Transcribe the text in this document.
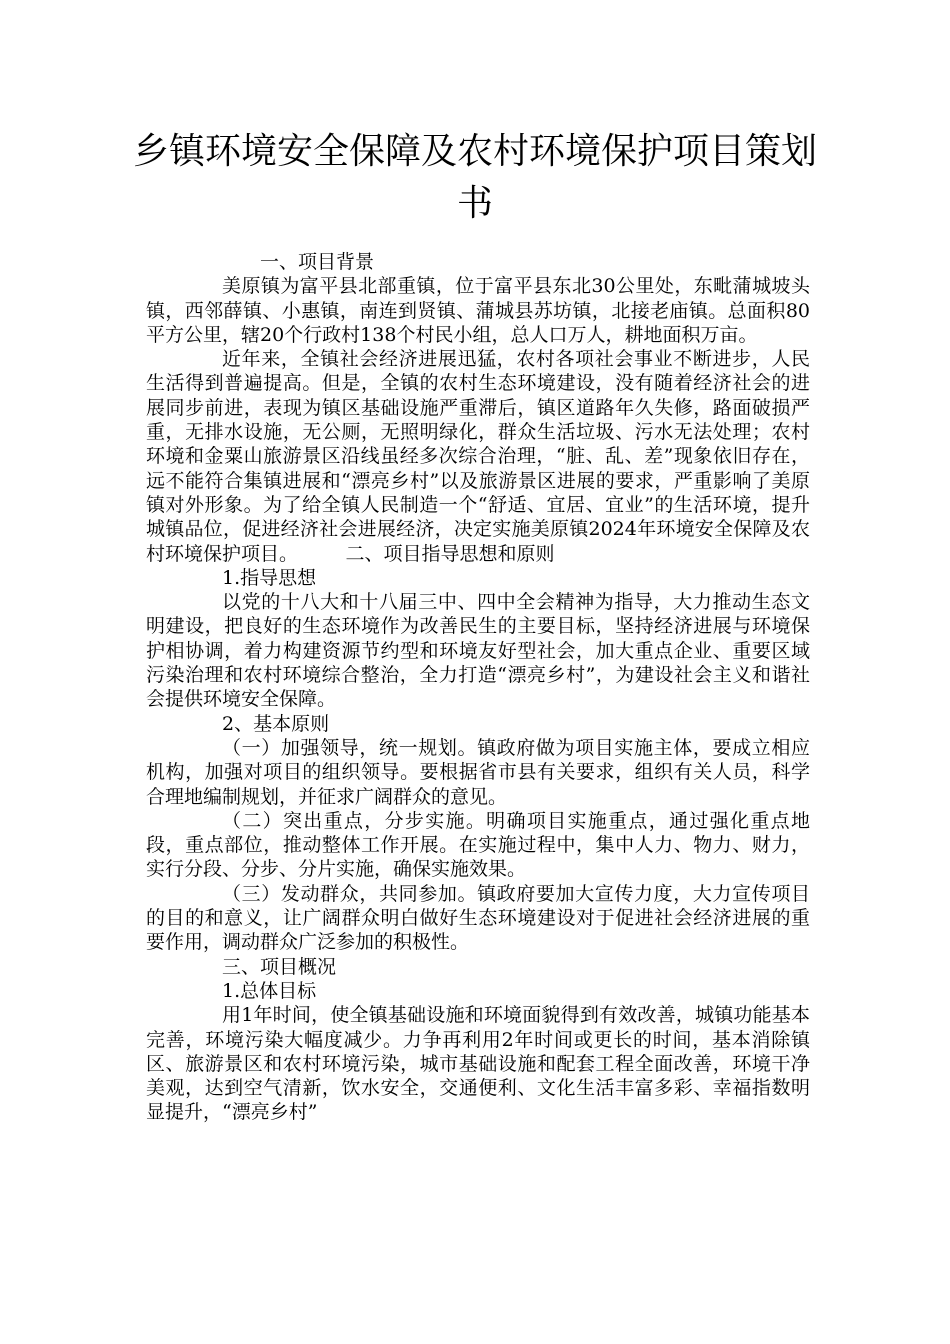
乡镇环境安全保障及农村环境保护项目策划书

一、项目背景

美原镇为富平县北部重镇，位于富平县东北30公里处，东毗蒲城坡头镇，西邻薛镇、小惠镇，南连到贤镇、蒲城县苏坊镇，北接老庙镇。总面积80平方公里，辖20个行政村138个村民小组，总人口万人，耕地面积万亩。

近年来，全镇社会经济进展迅猛，农村各项社会事业不断进步，人民生活得到普遍提高。但是，全镇的农村生态环境建设，没有随着经济社会的进展同步前进，表现为镇区基础设施严重滞后，镇区道路年久失修，路面破损严重，无排水设施，无公厕，无照明绿化，群众生活垃圾、污水无法处理；农村环境和金粟山旅游景区沿线虽经多次综合治理，“脏、乱、差”现象依旧存在，远不能符合集镇进展和“漂亮乡村”以及旅游景区进展的要求，严重影响了美原镇对外形象。为了给全镇人民制造一个“舒适、宜居、宜业”的生活环境，提升城镇品位，促进经济社会进展经济，决定实施美原镇2024年环境安全保障及农村环境保护项目。　　　二、项目指导思想和原则

1.指导思想

以党的十八大和十八届三中、四中全会精神为指导，大力推动生态文明建设，把良好的生态环境作为改善民生的主要目标，坚持经济进展与环境保护相协调，着力构建资源节约型和环境友好型社会，加大重点企业、重要区域污染治理和农村环境综合整治，全力打造“漂亮乡村”，为建设社会主义和谐社会提供环境安全保障。

2、基本原则

（一）加强领导，统一规划。镇政府做为项目实施主体，要成立相应机构，加强对项目的组织领导。要根据省市县有关要求，组织有关人员，科学合理地编制规划，并征求广阔群众的意见。

（二）突出重点，分步实施。明确项目实施重点，通过强化重点地段，重点部位，推动整体工作开展。在实施过程中，集中人力、物力、财力，实行分段、分步、分片实施，确保实施效果。

（三）发动群众，共同参加。镇政府要加大宣传力度，大力宣传项目的目的和意义，让广阔群众明白做好生态环境建设对于促进社会经济进展的重要作用，调动群众广泛参加的积极性。

三、项目概况

1.总体目标

用1年时间，使全镇基础设施和环境面貌得到有效改善，城镇功能基本完善，环境污染大幅度减少。力争再利用2年时间或更长的时间，基本消除镇区、旅游景区和农村环境污染，城市基础设施和配套工程全面改善，环境干净美观，达到空气清新，饮水安全，交通便利、文化生活丰富多彩、幸福指数明显提升，“漂亮乡村”
